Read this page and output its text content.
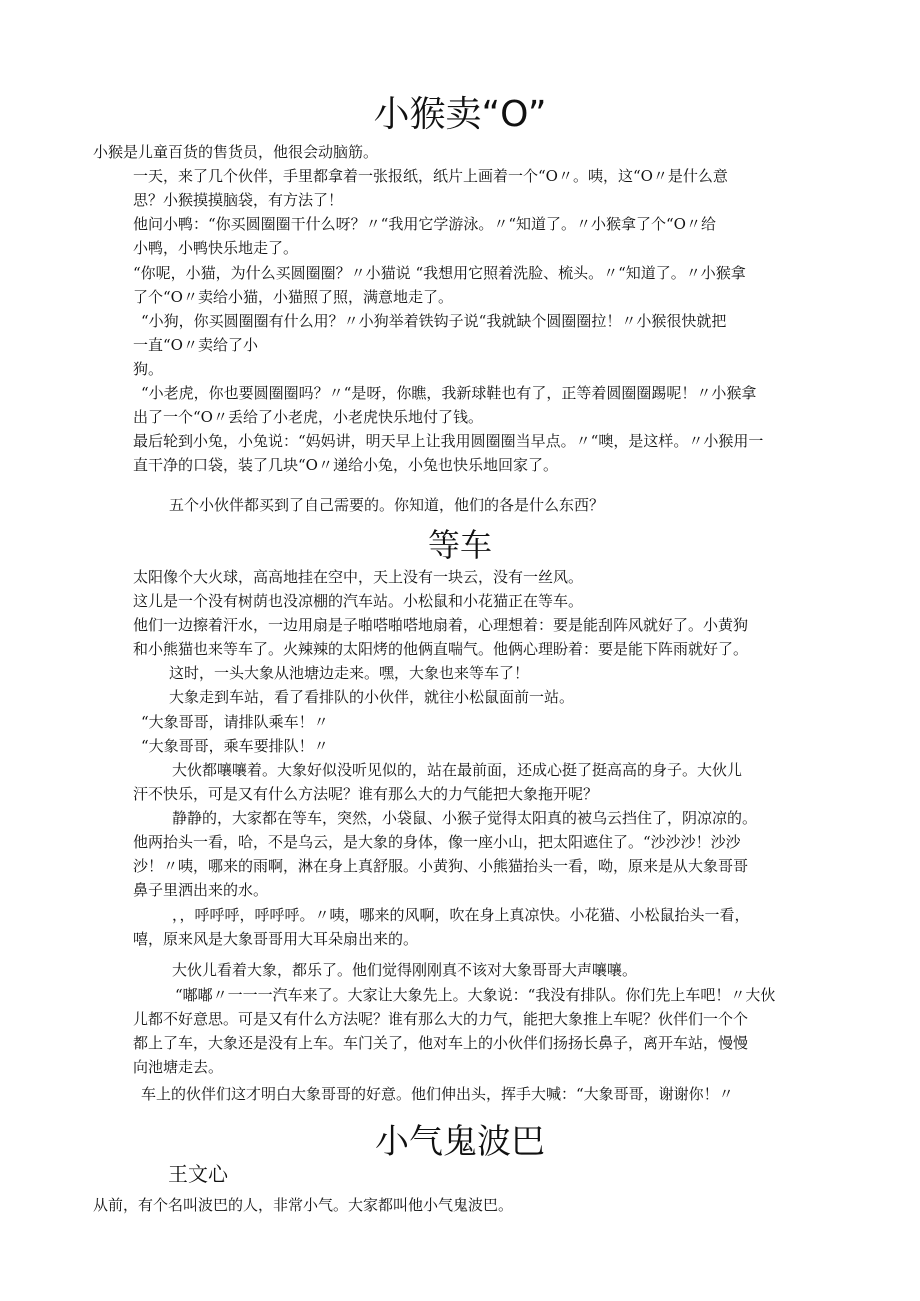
小猴卖“O”
小猴是儿童百货的售货员，他很会动脑筋。
一天，来了几个伙伴，手里都拿着一张报纸，纸片上画着一个“O〃。咦，这“O〃是什么意
思？小猴摸摸脑袋，有方法了！
他问小鸭：“你买圆圈圈干什么呀？〃“我用它学游泳。〃“知道了。〃小猴拿了个“O〃给
小鸭，小鸭快乐地走了。
“你呢，小猫，为什么买圆圈圈？〃小猫说 “我想用它照着洗脸、梳头。〃“知道了。〃小猴拿
了个“O〃卖给小猫，小猫照了照，满意地走了。
“小狗，你买圆圈圈有什么用？〃小狗举着铁钩子说“我就缺个圆圈圈拉！〃小猴很快就把
一直“O〃卖给了小
狗。
“小老虎，你也要圆圈圈吗？〃“是呀，你瞧，我新球鞋也有了，正等着圆圈圈踢呢！〃小猴拿
出了一个“O〃丢给了小老虎，小老虎快乐地付了钱。
最后轮到小兔，小兔说：“妈妈讲，明天早上让我用圆圈圈当早点。〃“噢，是这样。〃小猴用一
直干净的口袋，装了几块“O〃递给小兔，小兔也快乐地回家了。
五个小伙伴都买到了自己需要的。你知道，他们的各是什么东西？
等车
太阳像个大火球，高高地挂在空中，天上没有一块云，没有一丝风。
这儿是一个没有树荫也没凉棚的汽车站。小松鼠和小花猫正在等车。
他们一边擦着汗水，一边用扇是子啪嗒啪嗒地扇着，心理想着：要是能刮阵风就好了。小黄狗
和小熊猫也来等车了。火辣辣的太阳烤的他俩直喘气。他俩心理盼着：要是能下阵雨就好了。
这时，一头大象从池塘边走来。嘿，大象也来等车了！
大象走到车站，看了看排队的小伙伴，就往小松鼠面前一站。
“大象哥哥，请排队乘车！〃
“大象哥哥，乘车要排队！〃
大伙都嚷嚷着。大象好似没听见似的，站在最前面，还成心挺了挺高高的身子。大伙儿
汗不快乐，可是又有什么方法呢？谁有那么大的力气能把大象拖开呢？
静静的，大家都在等车，突然，小袋鼠、小猴子觉得太阳真的被乌云挡住了，阴凉凉的。
他两抬头一看，哈，不是乌云，是大象的身体，像一座小山，把太阳遮住了。“沙沙沙！沙沙
沙！〃咦，哪来的雨啊，淋在身上真舒服。小黄狗、小熊猫抬头一看，呦，原来是从大象哥哥
鼻子里洒出来的水。
，，呼呼呼，呼呼呼。〃咦，哪来的风啊，吹在身上真凉快。小花猫、小松鼠抬头一看，
嘻，原来风是大象哥哥用大耳朵扇出来的。
大伙儿看着大象，都乐了。他们觉得刚刚真不该对大象哥哥大声嚷嚷。
“嘟嘟〃一一一汽车来了。大家让大象先上。大象说：“我没有排队。你们先上车吧！〃大伙
儿都不好意思。可是又有什么方法呢？谁有那么大的力气，能把大象推上车呢？伙伴们一个个
都上了车，大象还是没有上车。车门关了，他对车上的小伙伴们扬扬长鼻子，离开车站，慢慢
向池塘走去。
车上的伙伴们这才明白大象哥哥的好意。他们伸出头，挥手大喊：“大象哥哥，谢谢你！〃
小气鬼波巴
王文心
从前，有个名叫波巴的人，非常小气。大家都叫他小气鬼波巴。
